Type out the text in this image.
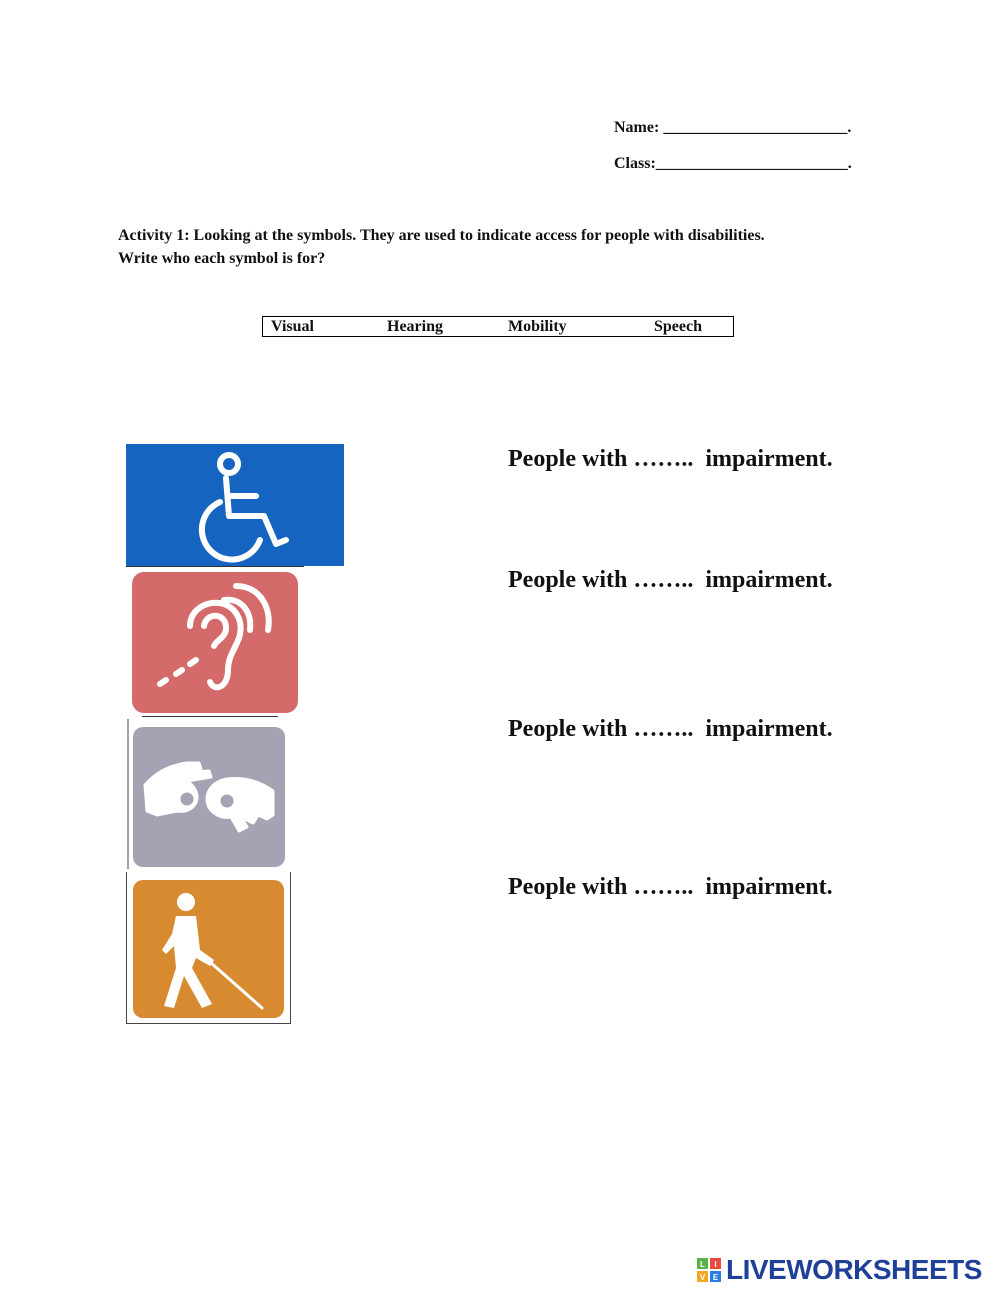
Name: _______________________.
Class:________________________.
Activity 1: Looking at the symbols. They are used to indicate access for people with disabilities.
Write who each symbol is for?
Visual	Hearing	Mobility	Speech
People with …….. impairment.
People with …….. impairment.
People with …….. impairment.
People with …….. impairment.
L I
V E LIVEWORKSHEETS
